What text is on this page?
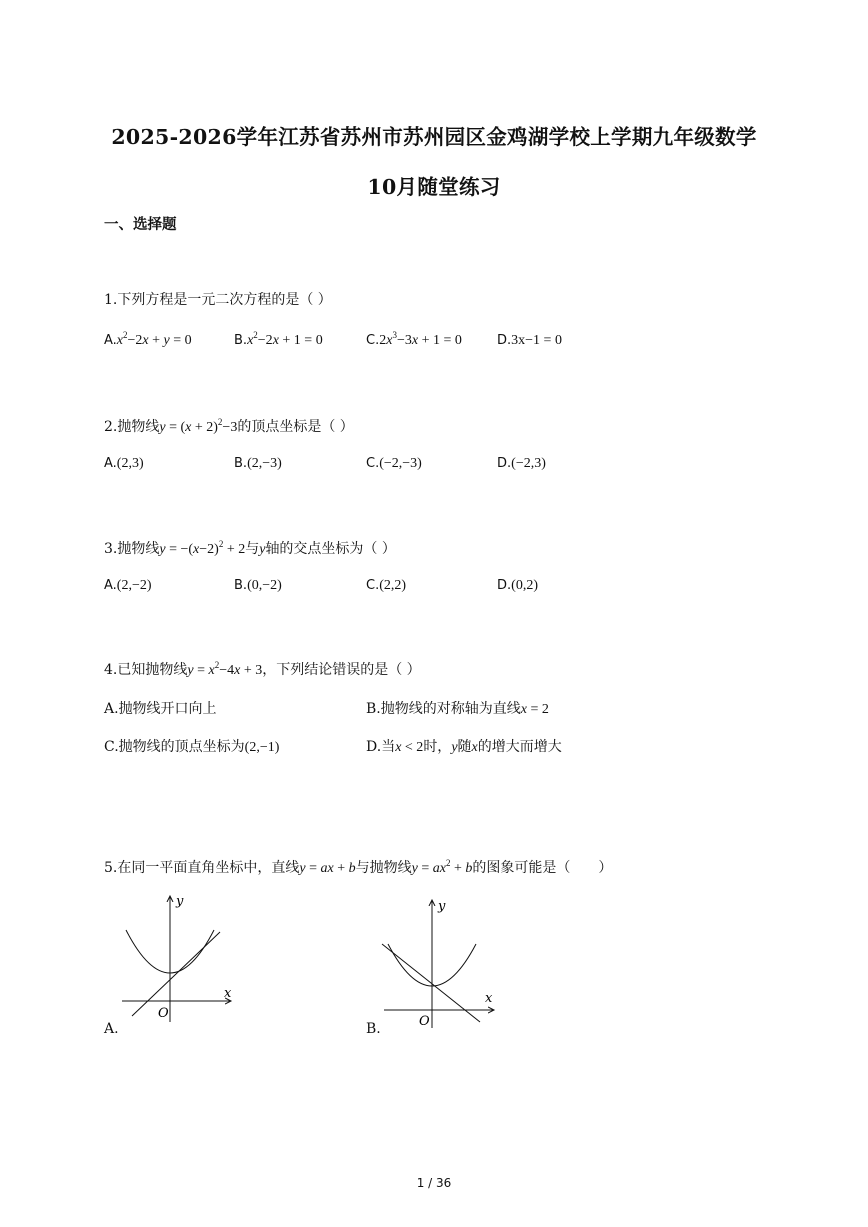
2025-2026学年江苏省苏州市苏州园区金鸡湖学校上学期九年级数学
10月随堂练习
一、选择题
1.下列方程是一元二次方程的是（ ）
$A.x^2-2x + y = 0$	$B.x^2-2x + 1 = 0$	$C.2x^3-3x + 1 = 0$	D.3x−1 = 0
2.抛物线$y = (x + 2)^2-3$的顶点坐标是（ ）
A.(2,3)	B.(2,−3)	C.(−2,−3)	D.(−2,3)
3.抛物线$y = -(x-2)^2 + 2$与y轴的交点坐标为（ ）
A.(2,−2)	B.(0,−2)	C.(2,2)	D.(0,2)
4.已知抛物线$y = x^2-4x + 3$，下列结论错误的是（ ）
A.抛物线开口向上	B.抛物线的对称轴为直线x = 2
C.抛物线的顶点坐标为(2,−1)	D.当x < 2时，y随x的增大而增大
5.在同一平面直角坐标中，直线y = ax + b与抛物线$y = ax^2 + b$的图象可能是（　　）
x
y
O
A.
x
y
O
B.
1 / 36
